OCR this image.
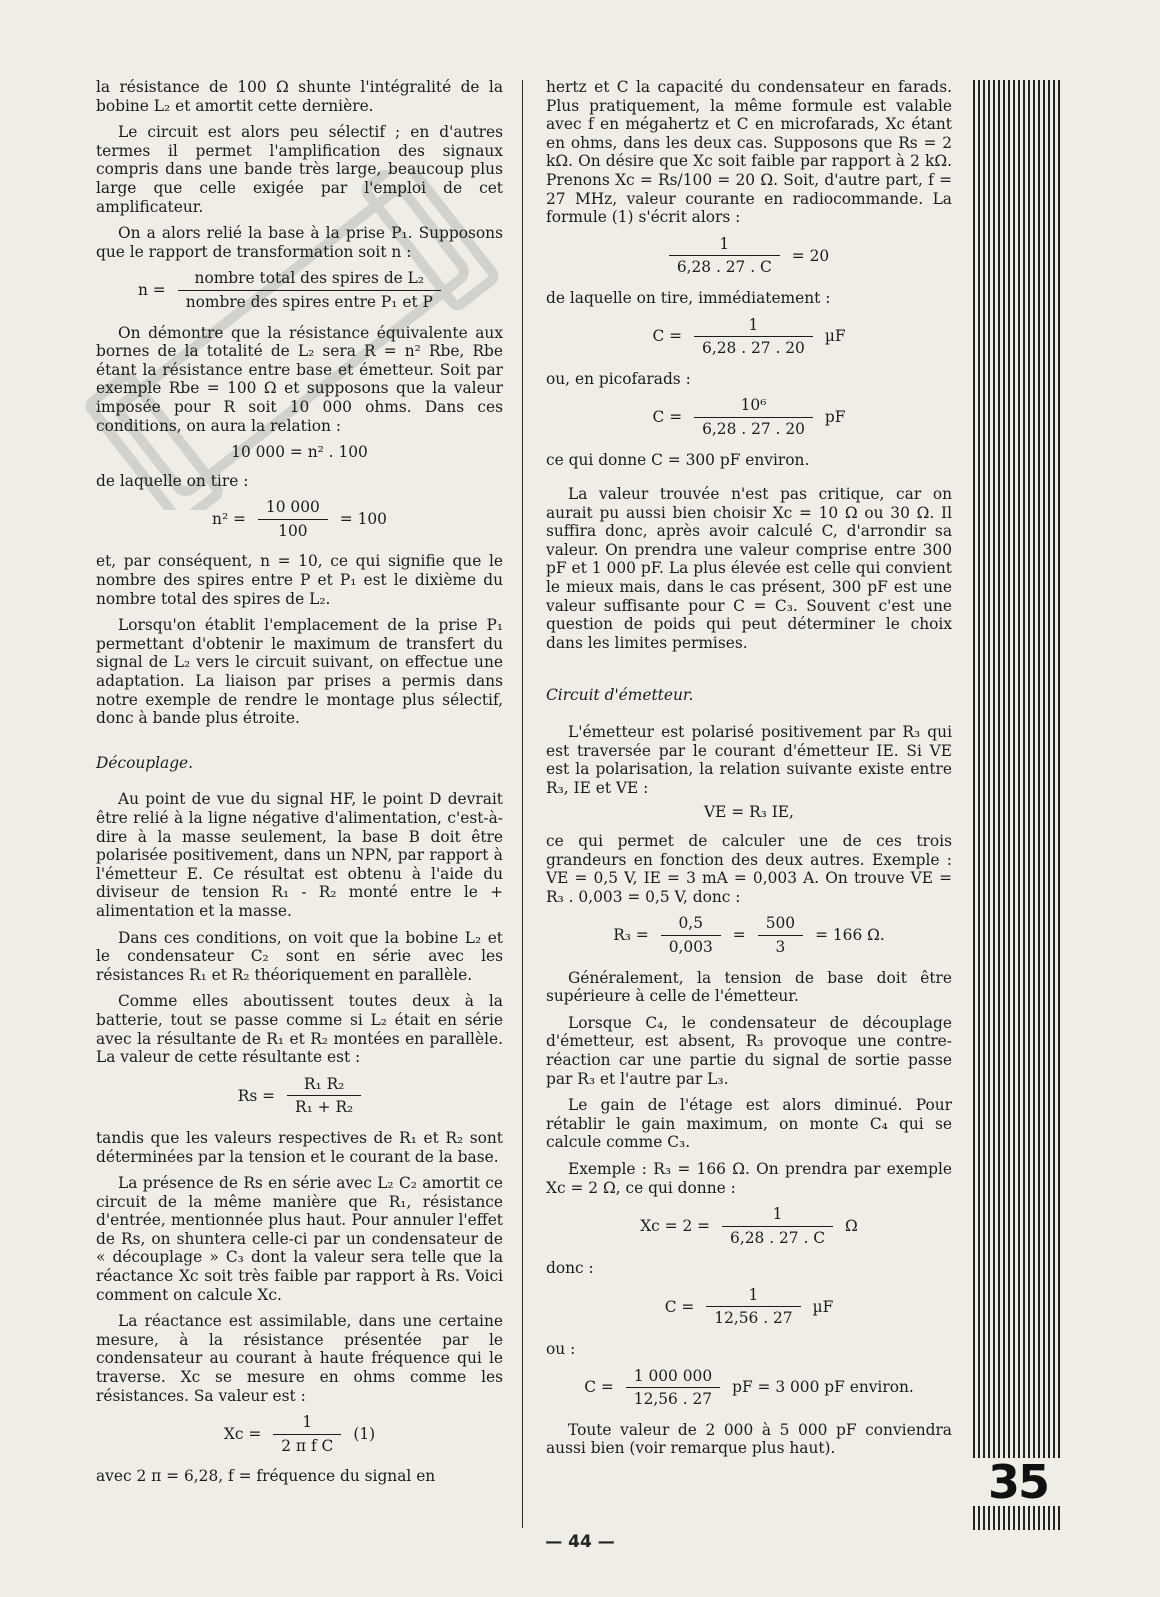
la résistance de 100 Ω shunte l'intégralité de la bobine L₂ et amortit cette dernière.

Le circuit est alors peu sélectif ; en d'autres termes il permet l'amplification des signaux compris dans une bande très large, beaucoup plus large que celle exigée par l'emploi de cet amplificateur.

On a alors relié la base à la prise P₁. Supposons que le rapport de transformation soit n :

$n = \frac{\text{nombre total des spires de L₂}}{\text{nombre des spires entre P₁ et P}}$

On démontre que la résistance équivalente aux bornes de la totalité de L₂ sera R = n² Rbe, Rbe étant la résistance entre base et émetteur. Soit par exemple Rbe = 100 Ω et supposons que la valeur imposée pour R soit 10 000 ohms. Dans ces conditions, on aura la relation :

10 000 = n² . 100

de laquelle on tire :

$n^2 = \frac{10 000}{100} = 100$

et, par conséquent, n = 10, ce qui signifie que le nombre des spires entre P et P₁ est le dixième du nombre total des spires de L₂.

Lorsqu'on établit l'emplacement de la prise P₁ permettant d'obtenir le maximum de transfert du signal de L₂ vers le circuit suivant, on effectue une adaptation. La liaison par prises a permis dans notre exemple de rendre le montage plus sélectif, donc à bande plus étroite.

Découplage.

Au point de vue du signal HF, le point D devrait être relié à la ligne négative d'alimentation, c'est-à-dire à la masse seulement, la base B doit être polarisée positivement, dans un NPN, par rapport à l'émetteur E. Ce résultat est obtenu à l'aide du diviseur de tension R₁ - R₂ monté entre le + alimentation et la masse.

Dans ces conditions, on voit que la bobine L₂ et le condensateur C₂ sont en série avec les résistances R₁ et R₂ théoriquement en parallèle.

Comme elles aboutissent toutes deux à la batterie, tout se passe comme si L₂ était en série avec la résultante de R₁ et R₂ montées en parallèle. La valeur de cette résultante est :

$Rs = \frac{\text{R₁ R₂}}{\text{R₁ + R₂}}$

tandis que les valeurs respectives de R₁ et R₂ sont déterminées par la tension et le courant de la base.

La présence de Rs en série avec L₂ C₂ amortit ce circuit de la même manière que R₁, résistance d'entrée, mentionnée plus haut. Pour annuler l'effet de Rs, on shuntera celle-ci par un condensateur de « découplage » C₃ dont la valeur sera telle que la réactance Xc soit très faible par rapport à Rs. Voici comment on calcule Xc.

La réactance est assimilable, dans une certaine mesure, à la résistance présentée par le condensateur au courant à haute fréquence qui le traverse. Xc se mesure en ohms comme les résistances. Sa valeur est :

$Xc = \frac{1}{\text{2 π f C}} (1)$

avec 2 π = 6,28, f = fréquence du signal en

hertz et C la capacité du condensateur en farads. Plus pratiquement, la même formule est valable avec f en mégahertz et C en microfarads, Xc étant en ohms, dans les deux cas. Supposons que Rs = 2 kΩ. On désire que Xc soit faible par rapport à 2 kΩ. Prenons Xc = Rs/100 = 20 Ω. Soit, d'autre part, f = 27 MHz, valeur courante en radiocommande. La formule (1) s'écrit alors :

$\frac{1}{6,28 . 27 . C} = 20$

de laquelle on tire, immédiatement :

$C = \frac{1}{6,28 . 27 . 20}$ µF

ou, en picofarads :

$C = \frac{\text{10⁶}}{6,28 . 27 . 20}$ pF

ce qui donne C = 300 pF environ.

La valeur trouvée n'est pas critique, car on aurait pu aussi bien choisir Xc = 10 Ω ou 30 Ω. Il suffira donc, après avoir calculé C, d'arrondir sa valeur. On prendra une valeur comprise entre 300 pF et 1 000 pF. La plus élevée est celle qui convient le mieux mais, dans le cas présent, 300 pF est une valeur suffisante pour C = C₃. Souvent c'est une question de poids qui peut déterminer le choix dans les limites permises.

Circuit d'émetteur.

L'émetteur est polarisé positivement par R₃ qui est traversée par le courant d'émetteur IE. Si VE est la polarisation, la relation suivante existe entre R₃, IE et VE :

VE = R₃ IE,

ce qui permet de calculer une de ces trois grandeurs en fonction des deux autres. Exemple : VE = 0,5 V, IE = 3 mA = 0,003 A. On trouve VE = R₃ . 0,003 = 0,5 V, donc :

$R_3 = \frac{0,5}{0,003} = \frac{500}{3} = 166$ Ω.

Généralement, la tension de base doit être supérieure à celle de l'émetteur.

Lorsque C₄, le condensateur de découplage d'émetteur, est absent, R₃ provoque une contre-réaction car une partie du signal de sortie passe par R₃ et l'autre par L₃.

Le gain de l'étage est alors diminué. Pour rétablir le gain maximum, on monte C₄ qui se calcule comme C₃.

Exemple : R₃ = 166 Ω. On prendra par exemple Xc = 2 Ω, ce qui donne :

$Xc = 2 = \frac{1}{6,28 . 27 . C}$ Ω

donc :

$C = \frac{1}{12,56 . 27}$ µF

ou :

$C = \frac{1 000 000}{12,56 . 27}$ pF = 3 000 pF environ.

Toute valeur de 2 000 à 5 000 pF conviendra aussi bien (voir remarque plus haut).

35
— 44 —
